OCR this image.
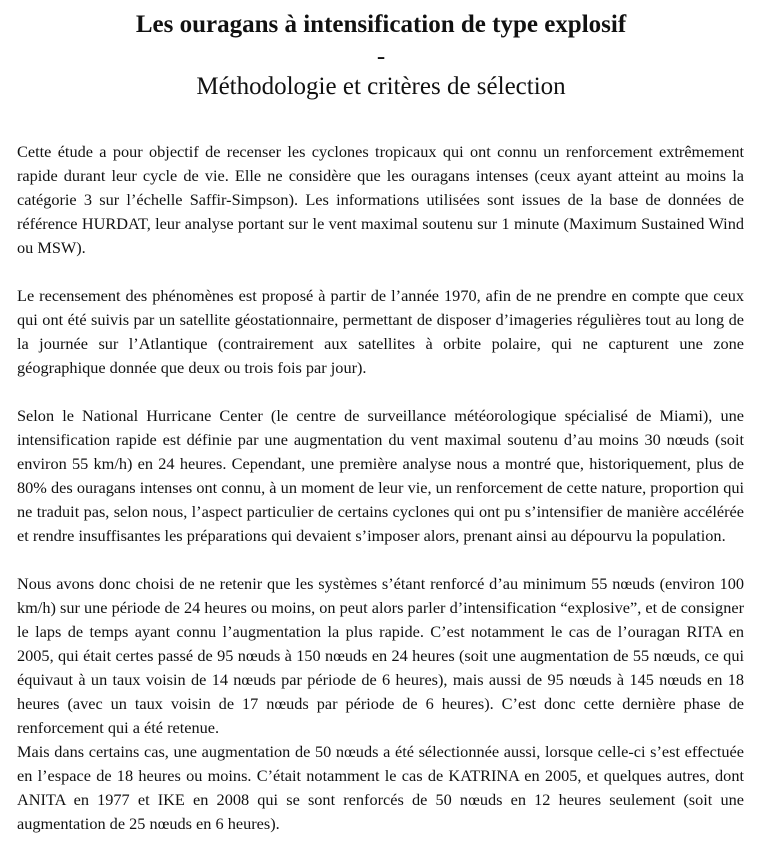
Les ouragans à intensification de type explosif
-
Méthodologie et critères de sélection

Cette étude a pour objectif de recenser les cyclones tropicaux qui ont connu un renforcement extrêmement rapide durant leur cycle de vie. Elle ne considère que les ouragans intenses (ceux ayant atteint au moins la catégorie 3 sur l’échelle Saffir-Simpson). Les informations utilisées sont issues de la base de données de référence HURDAT, leur analyse portant sur le vent maximal soutenu sur 1 minute (Maximum Sustained Wind ou MSW).

Le recensement des phénomènes est proposé à partir de l’année 1970, afin de ne prendre en compte que ceux qui ont été suivis par un satellite géostationnaire, permettant de disposer d’imageries régulières tout au long de la journée sur l’Atlantique (contrairement aux satellites à orbite polaire, qui ne capturent une zone géographique donnée que deux ou trois fois par jour).

Selon le National Hurricane Center (le centre de surveillance météorologique spécialisé de Miami), une intensification rapide est définie par une augmentation du vent maximal soutenu d’au moins 30 nœuds (soit environ 55 km/h) en 24 heures. Cependant, une première analyse nous a montré que, historiquement, plus de 80% des ouragans intenses ont connu, à un moment de leur vie, un renforcement de cette nature, proportion qui ne traduit pas, selon nous, l’aspect particulier de certains cyclones qui ont pu s’intensifier de manière accélérée et rendre insuffisantes les préparations qui devaient s’imposer alors, prenant ainsi au dépourvu la population.

Nous avons donc choisi de ne retenir que les systèmes s’étant renforcé d’au minimum 55 nœuds (environ 100 km/h) sur une période de 24 heures ou moins, on peut alors parler d’intensification “explosive”, et de consigner le laps de temps ayant connu l’augmentation la plus rapide. C’est notamment le cas de l’ouragan RITA en 2005, qui était certes passé de 95 nœuds à 150 nœuds en 24 heures (soit une augmentation de 55 nœuds, ce qui équivaut à un taux voisin de 14 nœuds par période de 6 heures), mais aussi de 95 nœuds à 145 nœuds en 18 heures (avec un taux voisin de 17 nœuds par période de 6 heures). C’est donc cette dernière phase de renforcement qui a été retenue.

Mais dans certains cas, une augmentation de 50 nœuds a été sélectionnée aussi, lorsque celle-ci s’est effectuée en l’espace de 18 heures ou moins. C’était notamment le cas de KATRINA en 2005, et quelques autres, dont ANITA en 1977 et IKE en 2008 qui se sont renforcés de 50 nœuds en 12 heures seulement (soit une augmentation de 25 nœuds en 6 heures).
